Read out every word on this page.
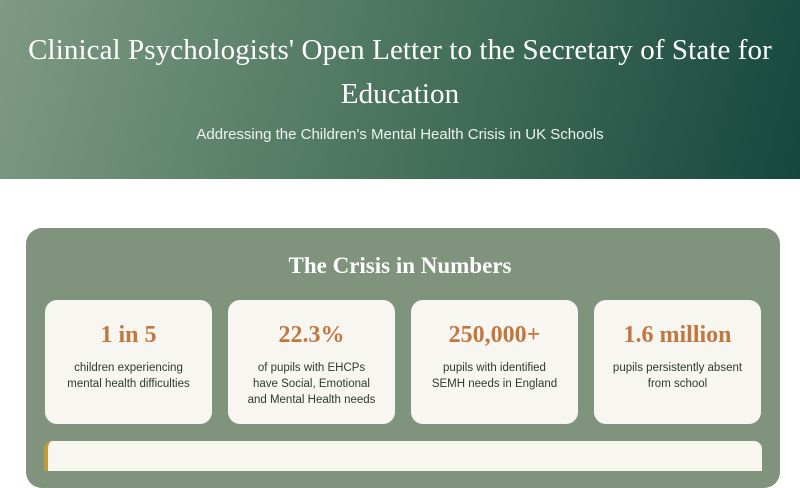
Clinical Psychologists' Open Letter to the Secretary of State for Education

Addressing the Children's Mental Health Crisis in UK Schools

The Crisis in Numbers
1 in 5
children experiencing
mental health difficulties
22.3%
of pupils with EHCPs
have Social, Emotional
and Mental Health needs
250,000+
pupils with identified
SEMH needs in England
1.6 million
pupils persistently absent
from school
